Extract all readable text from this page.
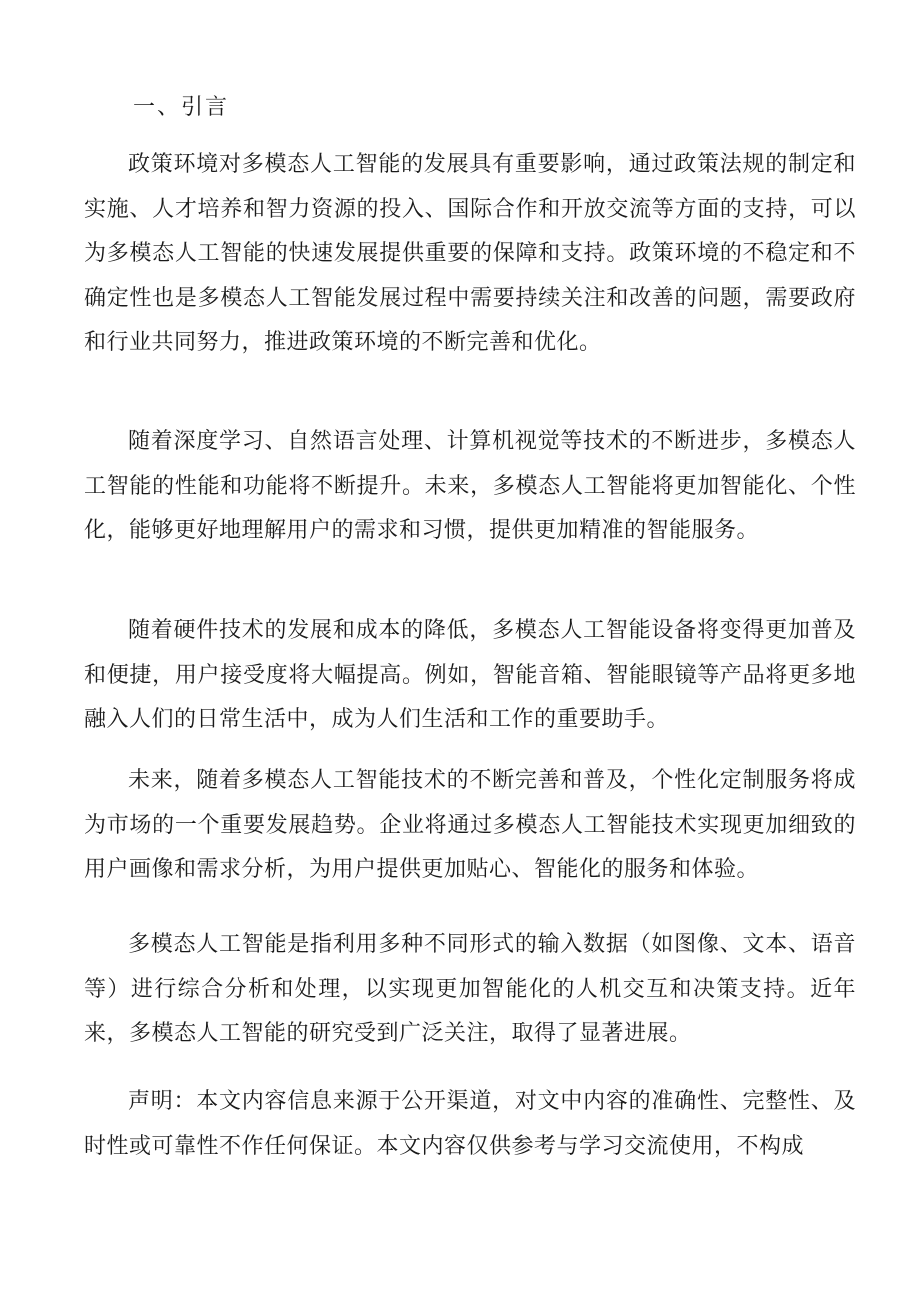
一、引言

政策环境对多模态人工智能的发展具有重要影响，通过政策法规的制定和实施、人才培养和智力资源的投入、国际合作和开放交流等方面的支持，可以为多模态人工智能的快速发展提供重要的保障和支持。政策环境的不稳定和不确定性也是多模态人工智能发展过程中需要持续关注和改善的问题，需要政府和行业共同努力，推进政策环境的不断完善和优化。

随着深度学习、自然语言处理、计算机视觉等技术的不断进步，多模态人工智能的性能和功能将不断提升。未来，多模态人工智能将更加智能化、个性化，能够更好地理解用户的需求和习惯，提供更加精准的智能服务。

随着硬件技术的发展和成本的降低，多模态人工智能设备将变得更加普及和便捷，用户接受度将大幅提高。例如，智能音箱、智能眼镜等产品将更多地融入人们的日常生活中，成为人们生活和工作的重要助手。

未来，随着多模态人工智能技术的不断完善和普及，个性化定制服务将成为市场的一个重要发展趋势。企业将通过多模态人工智能技术实现更加细致的用户画像和需求分析，为用户提供更加贴心、智能化的服务和体验。

多模态人工智能是指利用多种不同形式的输入数据（如图像、文本、语音等）进行综合分析和处理，以实现更加智能化的人机交互和决策支持。近年来，多模态人工智能的研究受到广泛关注，取得了显著进展。

声明：本文内容信息来源于公开渠道，对文中内容的准确性、完整性、及时性或可靠性不作任何保证。本文内容仅供参考与学习交流使用，不构成
